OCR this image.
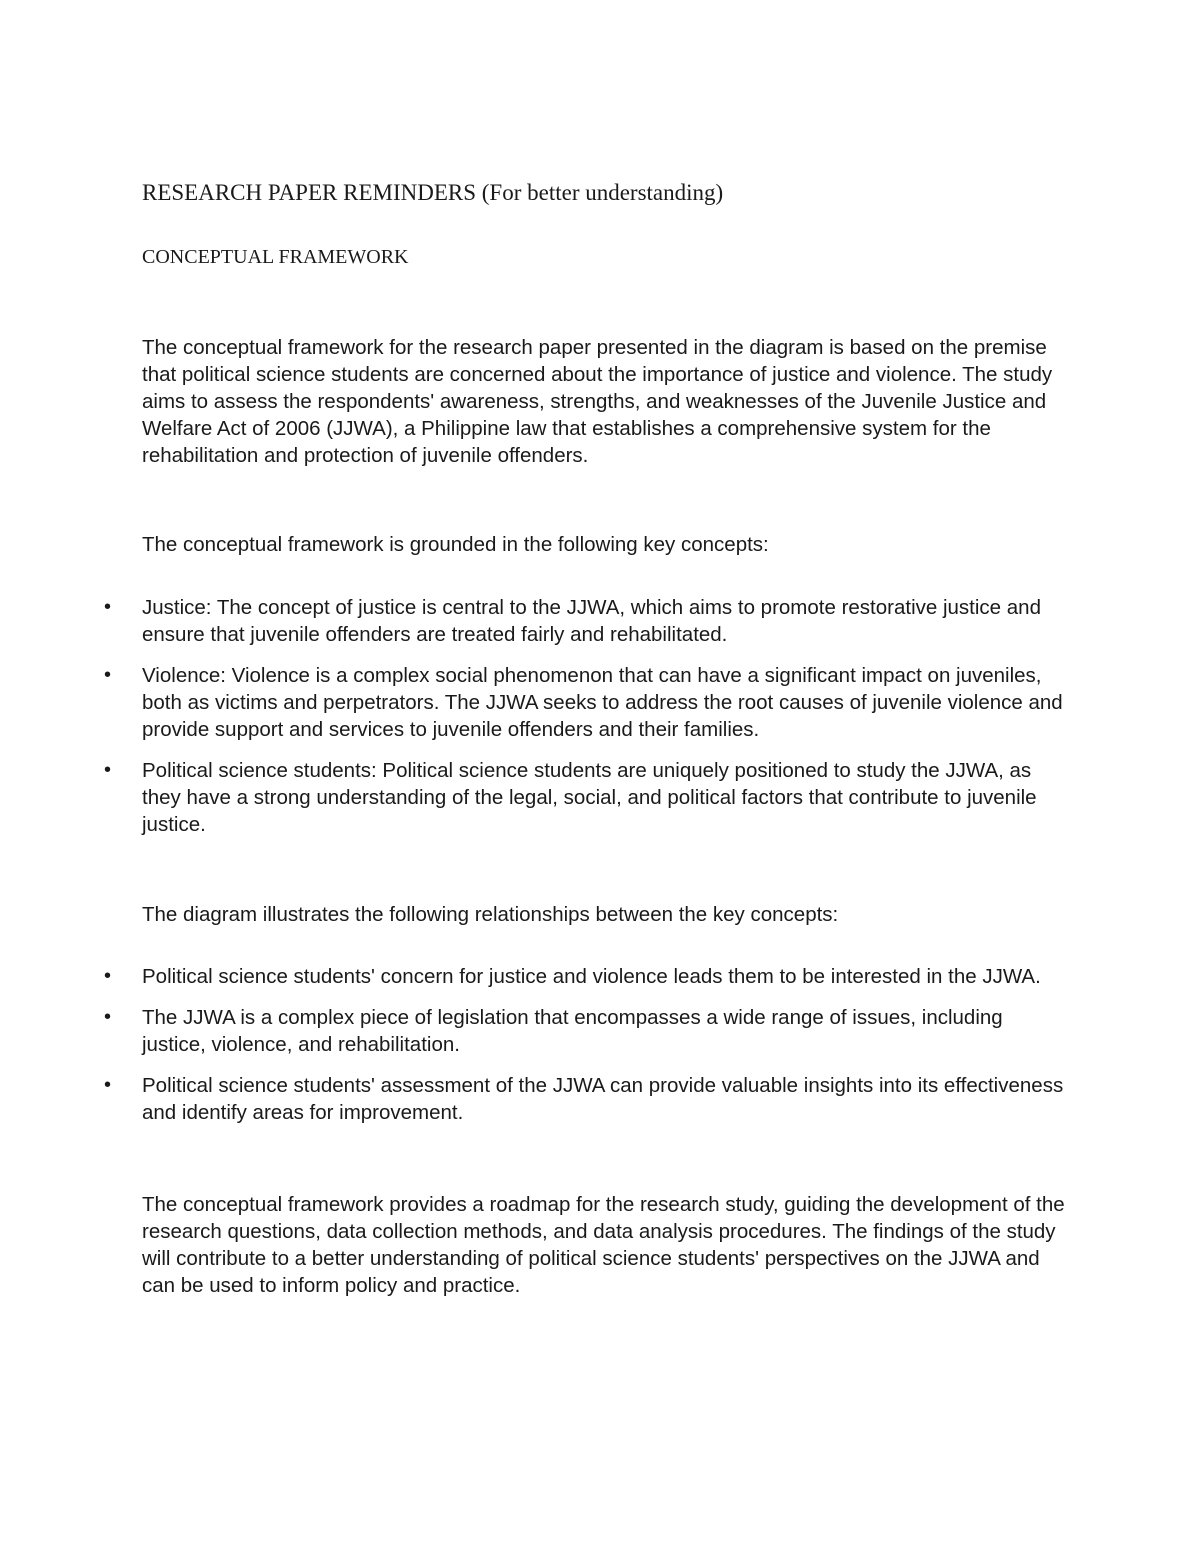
RESEARCH PAPER REMINDERS (For better understanding)
CONCEPTUAL FRAMEWORK

The conceptual framework for the research paper presented in the diagram is based on the premise that political science students are concerned about the importance of justice and violence. The study aims to assess the respondents' awareness, strengths, and weaknesses of the Juvenile Justice and Welfare Act of 2006 (JJWA), a Philippine law that establishes a comprehensive system for the rehabilitation and protection of juvenile offenders.

The conceptual framework is grounded in the following key concepts:

• Justice: The concept of justice is central to the JJWA, which aims to promote restorative justice and ensure that juvenile offenders are treated fairly and rehabilitated.
• Violence: Violence is a complex social phenomenon that can have a significant impact on juveniles, both as victims and perpetrators. The JJWA seeks to address the root causes of juvenile violence and provide support and services to juvenile offenders and their families.
• Political science students: Political science students are uniquely positioned to study the JJWA, as they have a strong understanding of the legal, social, and political factors that contribute to juvenile justice.

The diagram illustrates the following relationships between the key concepts:

• Political science students' concern for justice and violence leads them to be interested in the JJWA.
• The JJWA is a complex piece of legislation that encompasses a wide range of issues, including justice, violence, and rehabilitation.
• Political science students' assessment of the JJWA can provide valuable insights into its effectiveness and identify areas for improvement.

The conceptual framework provides a roadmap for the research study, guiding the development of the research questions, data collection methods, and data analysis procedures. The findings of the study will contribute to a better understanding of political science students' perspectives on the JJWA and can be used to inform policy and practice.
